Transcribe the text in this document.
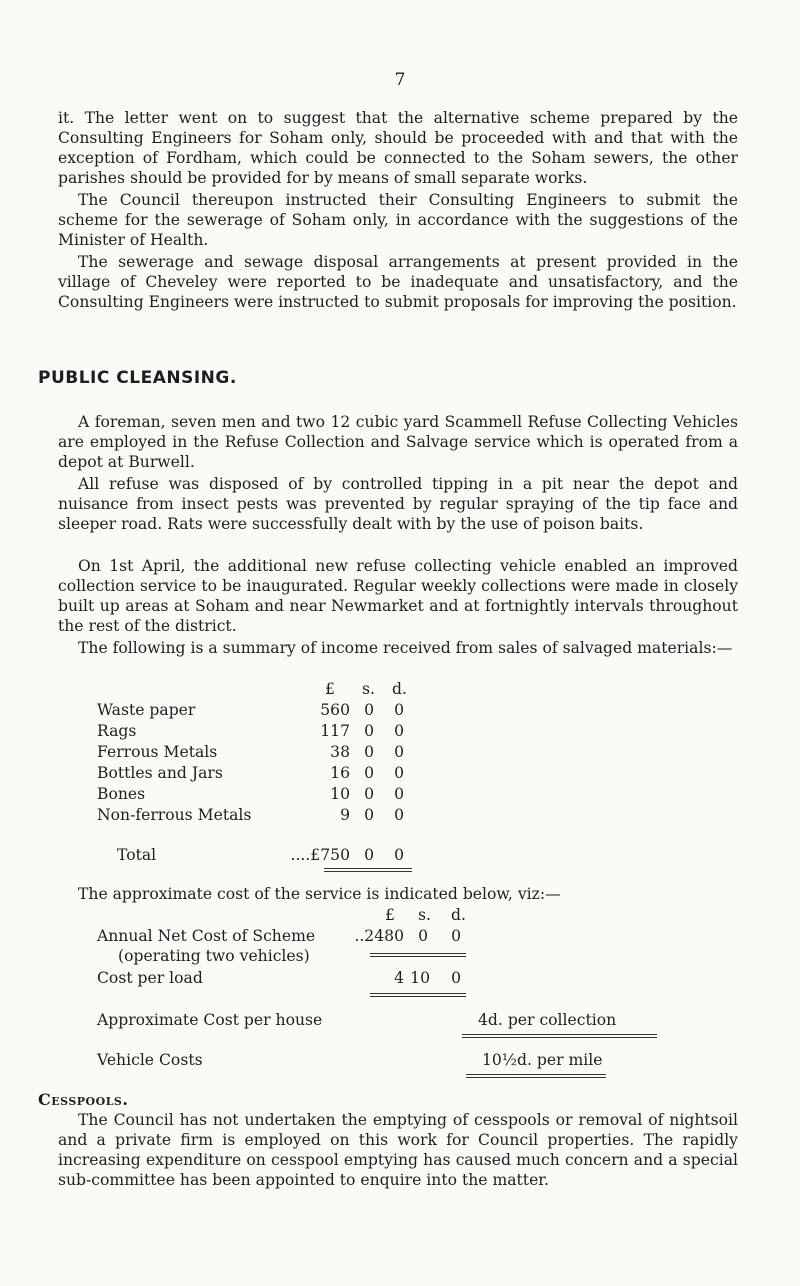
7

it. The letter went on to suggest that the alternative scheme prepared by the Consulting Engineers for Soham only, should be proceeded with and that with the exception of Fordham, which could be connected to the Soham sewers, the other parishes should be provided for by means of small separate works.

The Council thereupon instructed their Consulting Engineers to submit the scheme for the sewerage of Soham only, in accordance with the suggestions of the Minister of Health.

The sewerage and sewage disposal arrangements at present provided in the village of Cheveley were reported to be inadequate and unsatisfactory, and the Consulting Engineers were instructed to submit proposals for improving the position.

PUBLIC CLEANSING.

A foreman, seven men and two 12 cubic yard Scammell Refuse Collecting Vehicles are employed in the Refuse Collection and Salvage service which is operated from a depot at Burwell.

All refuse was disposed of by controlled tipping in a pit near the depot and nuisance from insect pests was prevented by regular spraying of the tip face and sleeper road. Rats were successfully dealt with by the use of poison baits.

On 1st April, the additional new refuse collecting vehicle enabled an improved collection service to be inaugurated. Regular weekly collections were made in closely built up areas at Soham and near Newmarket and at fortnightly intervals throughout the rest of the district.

The following is a summary of income received from sales of salvaged materials:—

£ s. d.
Waste paper	560 0 0
Rags	117 0 0
Ferrous Metals	38 0 0
Bottles and Jars	16 0 0
Bones	10 0 0
Non-ferrous Metals	9 0 0
Total	....£750 0 0

The approximate cost of the service is indicated below, viz:—

£ s. d.
Annual Net Cost of Scheme	..2480 0 0
(operating two vehicles)
Cost per load	4 10 0
Approximate Cost per house	4d. per collection
Vehicle Costs	10½d. per mile
Cesspools.

The Council has not undertaken the emptying of cesspools or removal of nightsoil and a private firm is employed on this work for Council properties. The rapidly increasing expenditure on cesspool emptying has caused much concern and a special sub-committee has been appointed to enquire into the matter.
